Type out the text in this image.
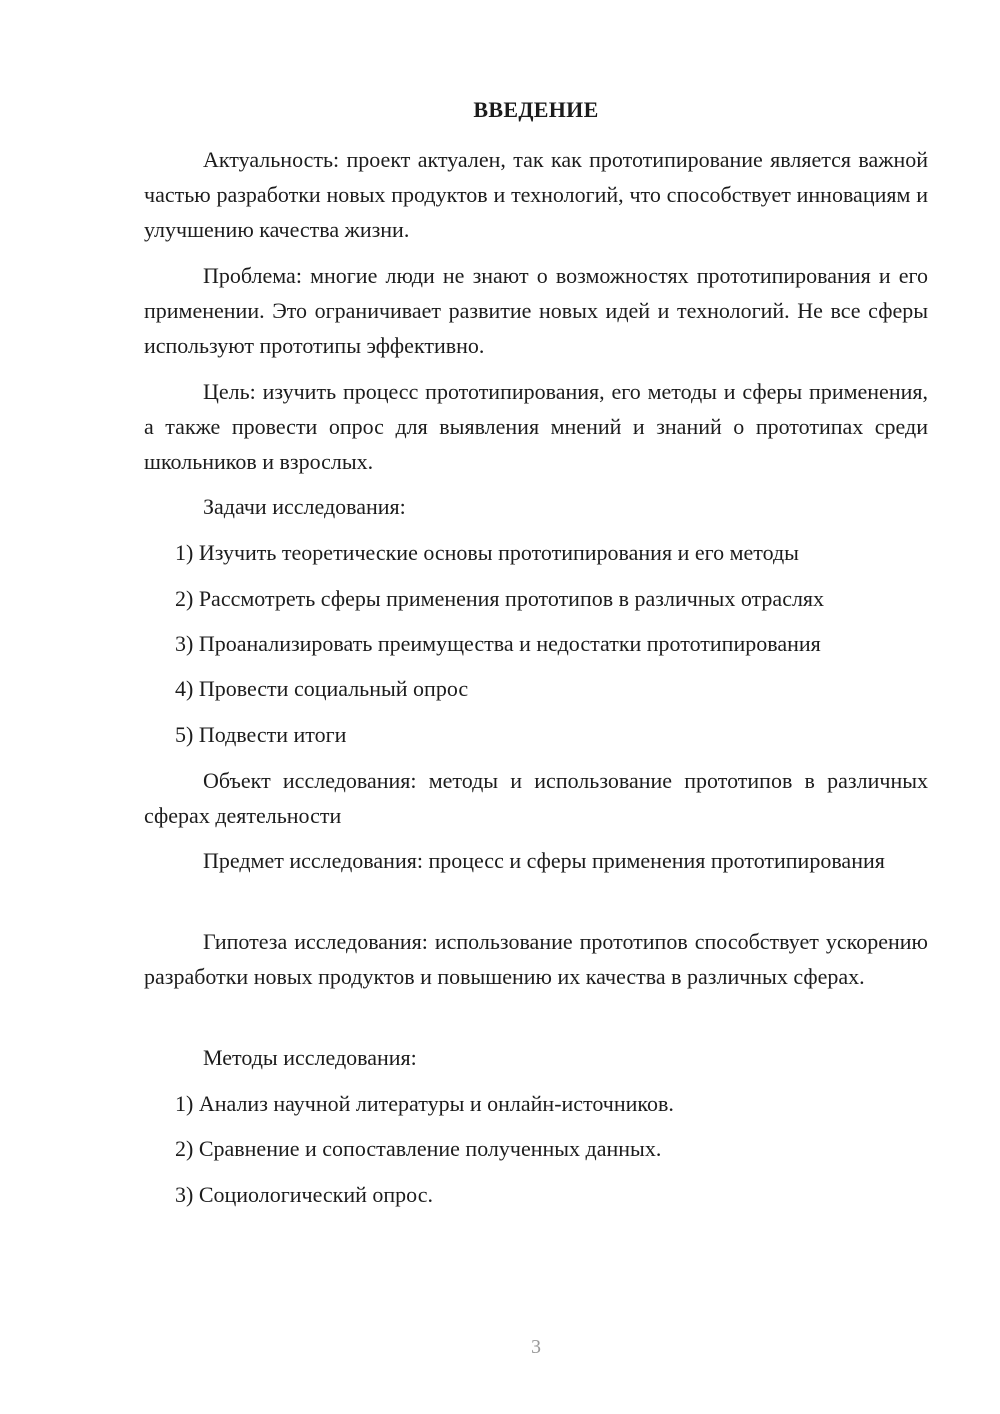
ВВЕДЕНИЕ

Актуальность: проект актуален, так как прототипирование является важной частью разработки новых продуктов и технологий, что способствует инновациям и улучшению качества жизни.

Проблема: многие люди не знают о возможностях прототипирования и его применении. Это ограничивает развитие новых идей и технологий. Не все сферы используют прототипы эффективно.

Цель: изучить процесс прототипирования, его методы и сферы применения, а также провести опрос для выявления мнений и знаний о прототипах среди школьников и взрослых.

Задачи исследования:

1) Изучить теоретические основы прототипирования и его методы

2) Рассмотреть сферы применения прототипов в различных отраслях

3) Проанализировать преимущества и недостатки прототипирования

4) Провести социальный опрос

5) Подвести итоги

Объект исследования: методы и использование прототипов в различных сферах деятельности

Предмет исследования: процесс и сферы применения прототипирования

Гипотеза исследования: использование прототипов способствует ускорению разработки новых продуктов и повышению их качества в различных сферах.

Методы исследования:

1) Анализ научной литературы и онлайн-источников.

2) Сравнение и сопоставление полученных данных.

3) Социологический опрос.

3
